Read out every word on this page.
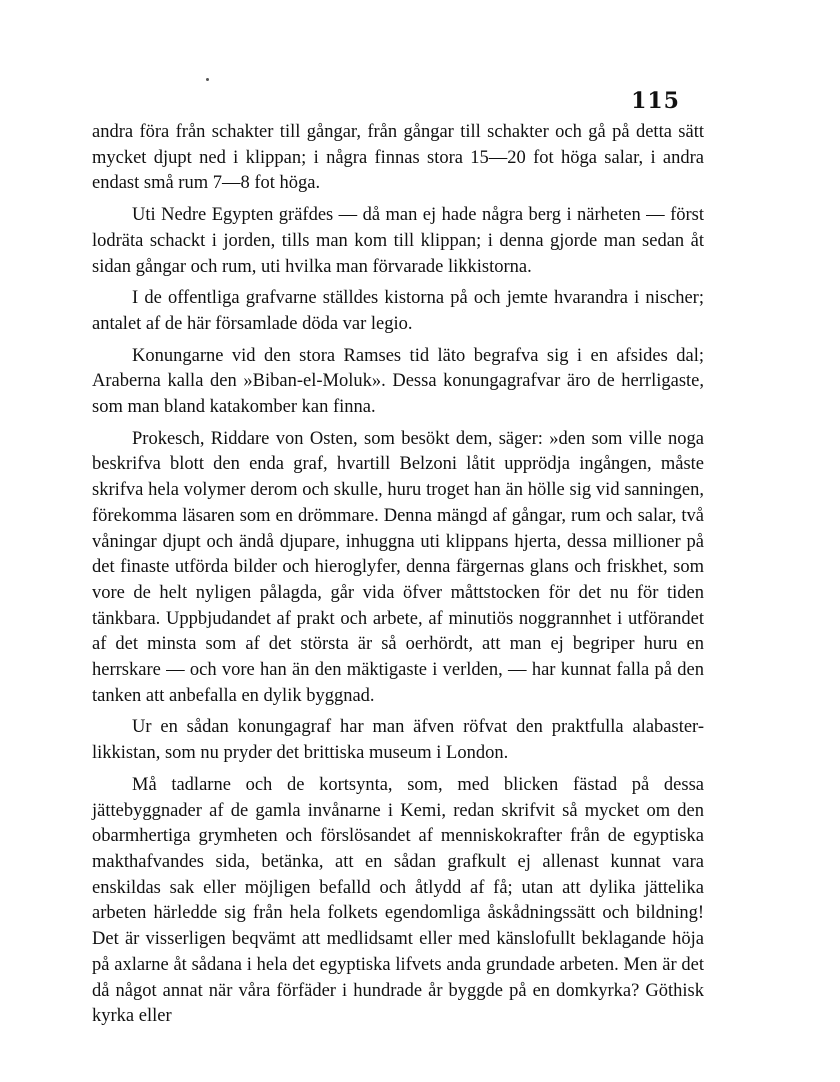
115

andra föra från schakter till gångar, från gångar till schakter och gå på detta sätt mycket djupt ned i klippan; i några finnas stora 15—20 fot höga salar, i andra endast små rum 7—8 fot höga.

Uti Nedre Egypten gräfdes — då man ej hade några berg i närheten — först lodräta schackt i jorden, tills man kom till klippan; i denna gjorde man sedan åt sidan gångar och rum, uti hvilka man förvarade likkistorna.

I de offentliga grafvarne ställdes kistorna på och jemte hvarandra i nischer; antalet af de här församlade döda var legio.

Konungarne vid den stora Ramses tid läto begrafva sig i en afsides dal; Araberna kalla den »Biban-el-Moluk». Dessa konungagrafvar äro de herrligaste, som man bland katakomber kan finna.

Prokesch, Riddare von Osten, som besökt dem, säger: »den som ville noga beskrifva blott den enda graf, hvartill Belzoni låtit upprödja ingången, måste skrifva hela volymer derom och skulle, huru troget han än hölle sig vid sanningen, förekomma läsaren som en drömmare. Denna mängd af gångar, rum och salar, två våningar djupt och ändå djupare, inhuggna uti klippans hjerta, dessa millioner på det finaste utförda bilder och hieroglyfer, denna färgernas glans och friskhet, som vore de helt nyligen pålagda, går vida öfver måttstocken för det nu för tiden tänkbara. Uppbjudandet af prakt och arbete, af minutiös noggrannhet i utförandet af det minsta som af det största är så oerhördt, att man ej begriper huru en herrskare — och vore han än den mäktigaste i verlden, — har kunnat falla på den tanken att anbefalla en dylik byggnad.

Ur en sådan konungagraf har man äfven röfvat den praktfulla alabaster-likkistan, som nu pryder det brittiska museum i London.

Må tadlarne och de kortsynta, som, med blicken fästad på dessa jättebyggnader af de gamla invånarne i Kemi, redan skrifvit så mycket om den obarmhertiga grymheten och förslösandet af menniskokrafter från de egyptiska makthafvandes sida, betänka, att en sådan grafkult ej allenast kunnat vara enskildas sak eller möjligen befalld och åtlydd af få; utan att dylika jättelika arbeten härledde sig från hela folkets egendomliga åskådningssätt och bildning! Det är visserligen beqvämt att medlidsamt eller med känslofullt beklagande höja på axlarne åt sådana i hela det egyptiska lifvets anda grundade arbeten. Men är det då något annat när våra förfäder i hundrade år byggde på en domkyrka? Göthisk kyrka eller
